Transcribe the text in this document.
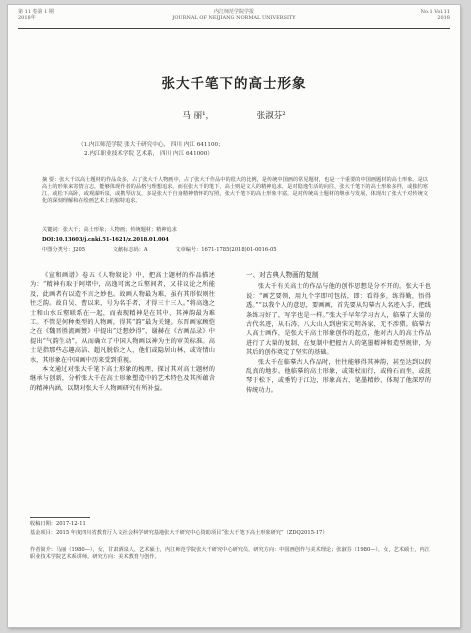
第 11 卷第 1 期
2018年
内江师范学院学报
JOURNAL OF NEIJIANG NORMAL UNIVERSITY
No.1 Vol.11
2018
张大千笔下的高士形象
马 丽¹，	张淑芬²
（1.内江师范学院 张大千研究中心， 四川 内江 641100；
2.内江职业技术学院 艺术系， 四川 内江 641000）
摘 要：张大千以高士题材的作品众多，占了张大千人物画中，占了张大千作品中的很大的比例，是传统中国画的常见题材，也是一个重要的中国画题材的高士形象。是以高士的形象来寄情言志，能够体现作者的品格与理想追求。而在张大千的笔下，高士则是文人的精神追求，是对隐逸生活的向往，张大千笔下的高士形象多样，或独钓寒江，或松下高卧，或观瀑听泉，或携琴访友，多是张大千自身精神情怀的写照。张大千笔下的高士形象丰富，是对传统高士题材的继承与发展，体现出了张大千对传统文化的深刻理解和在绘画艺术上的独特追求。
关键词：张大千；高士形象；人物画；传统题材；精神追求
DOI:10.13603/j.cnki.51-1621/z.2018.01.004
中图分类号：J205	文献标志码：A	文章编号：1671-1785(2018)01-0016-05

《宣和画谱》卷五《人物叙论》中，把高士题材的作品描述为：“精神有取于阿堵中，高逸可寓之丘壑间者，又非议论之所能及，此画者有以造不言之妙也。故画人物最为难，虽有其形似则往往乏韵。故自吴、曹以来，号为名手者，才得三十三人。”将高逸之士和山水丘壑联系在一起，而表现精神是在其中，其神韵最为难工。不管是何种类型的人物画，得其“韵”最为关键。东晋画家顾恺之在《魏晋胜流画赞》中提出“迁想妙得”，谢赫在《古画品录》中提出“气韵生动”，从而确立了中国人物画以神为主的审美标准。高士是指那些志趣高洁、超凡脱俗之人，他们或隐居山林，或寄情山水，其形象在中国画中历来受到重视。

本文通过对张大千笔下高士形象的梳理，探讨其对高士题材的继承与创新，分析张大千在高士形象塑造中的艺术特色及其所蕴含的精神内涵，以期对张大千人物画研究有所补益。

一、对古典人物画的复制

张大千有关高士的作品与他的创作思想是分不开的。张大千也说：“画艺要领，用九个字即可包括，即：看得多，练得勤，悟得透。”“以我个人的意思，要画画，首先要从勾摹古人名迹入手，把线条练习好了，写字也是一样。”张大千早年学习古人，临摹了大量的古代名迹，从石涛、八大山人到唐宋元明各家，无不涉猎。临摹古人高士画作，是张大千高士形象创作的起点，他对古人的高士作品进行了大量的复制，在复制中把握古人的笔墨精神和造型规律，为其后的创作奠定了坚实的基础。

张大千在临摹古人作品时，往往能够得其神韵，甚至达到以假乱真的地步。他临摹的高士形象，或策杖而行，或倚石而坐，或抚琴于松下，或垂钓于江边，形象高古，笔墨精妙，体现了他深厚的传统功力。

收稿日期：2017-12-11
基金项目：2015 年度四川省教育厅人文社会科学研究基地张大千研究中心资助项目“张大千笔下高士形象研究”（ZDQ2015-17）
作者简介：马丽（1980—），女，甘肃酒泉人，艺术硕士，内江师范学院张大千研究中心研究员，研究方向：中国画创作与美术理论；张淑芬（1980—），女，艺术硕士，内江职业技术学院艺术系讲师，研究方向：美术教育与创作。
